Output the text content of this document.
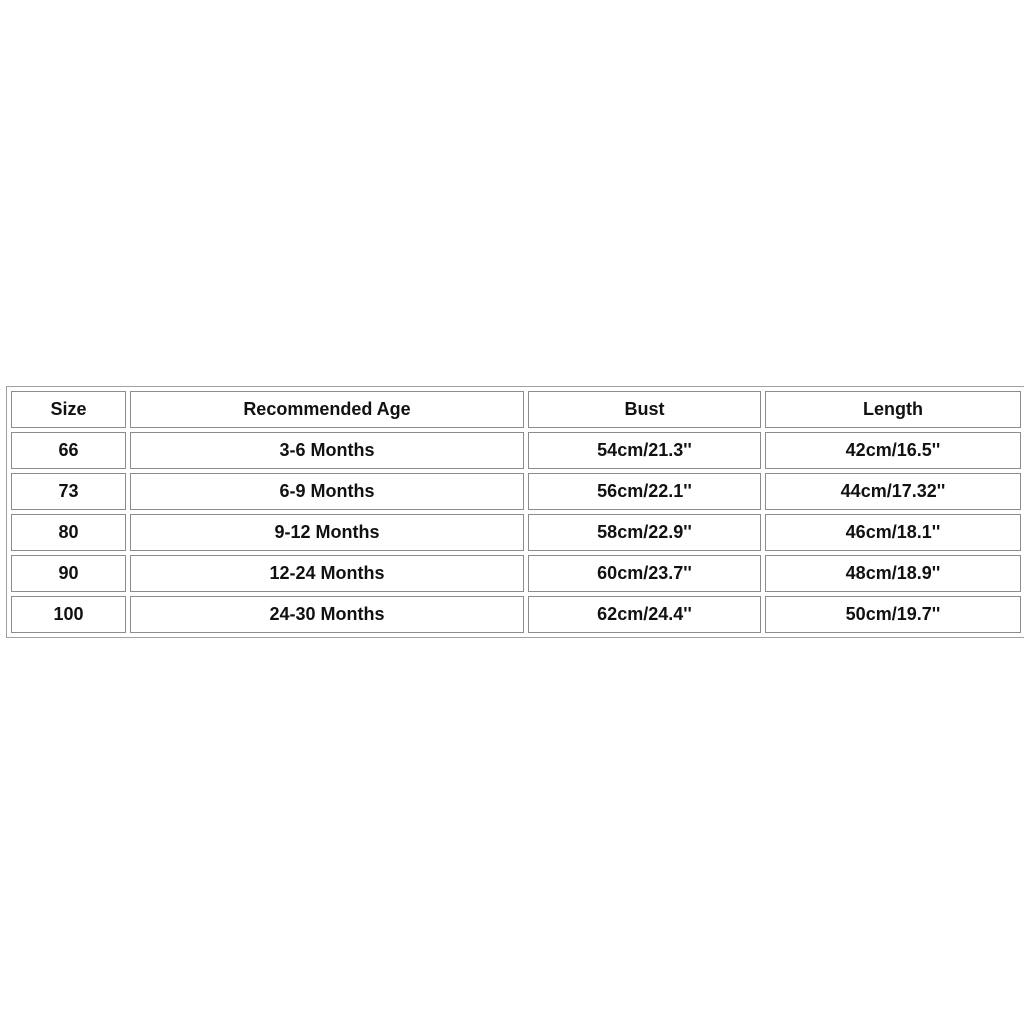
Size	Recommended Age	Bust	Length
66	3-6 Months	54cm/21.3''	42cm/16.5''
73	6-9 Months	56cm/22.1''	44cm/17.32''
80	9-12 Months	58cm/22.9''	46cm/18.1''
90	12-24 Months	60cm/23.7''	48cm/18.9''
100	24-30 Months	62cm/24.4''	50cm/19.7''
